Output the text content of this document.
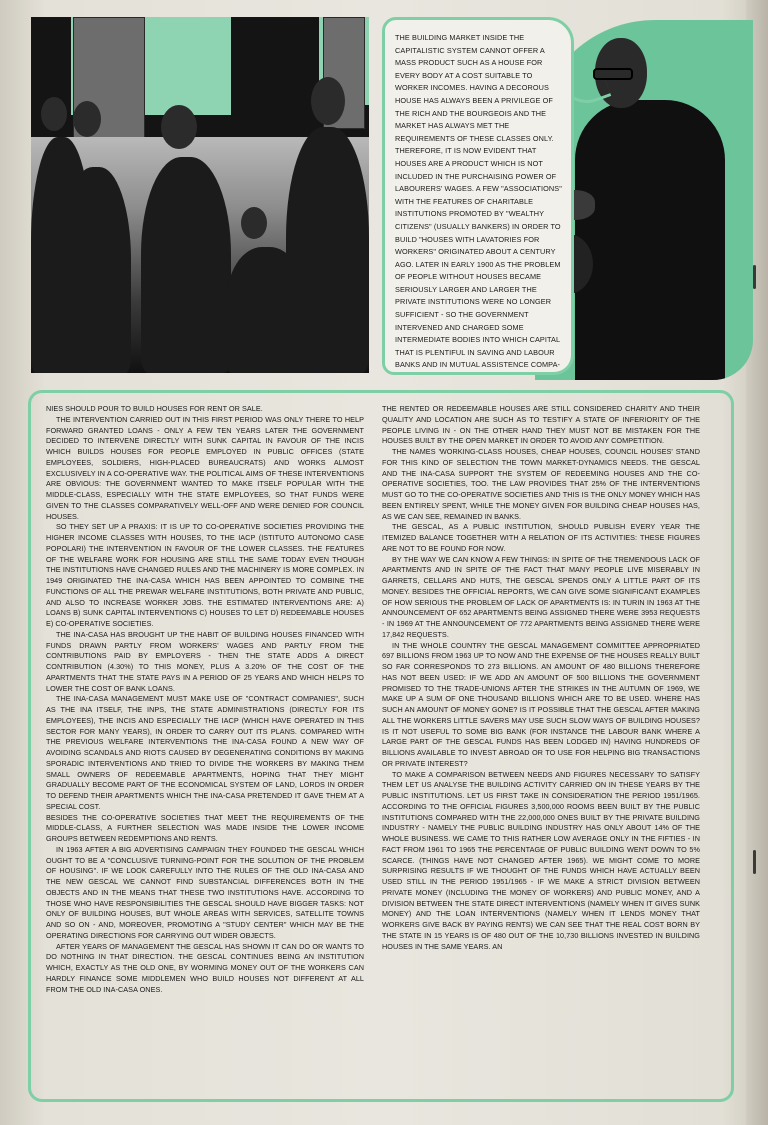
THE BUILDING MARKET INSIDE THE CAPITALISTIC SYSTEM CANNOT OFFER A MASS PRODUCT SUCH AS A HOUSE FOR EVERY BODY AT A COST SUITABLE TO WORKER INCOMES. HAVING A DECOROUS HOUSE HAS ALWAYS BEEN A PRIVILEGE OF THE RICH AND THE BOURGEOIS AND THE MARKET HAS ALWAYS MET THE REQUIREMENTS OF THESE CLASSES ONLY. THEREFORE, IT IS NOW EVIDENT THAT HOUSES ARE A PRODUCT WHICH IS NOT INCLUDED IN THE PURCHAISING POWER OF LABOURERS' WAGES. A FEW "ASSOCIATIONS" WITH THE FEATURES OF CHARITABLE INSTITUTIONS PROMOTED BY "WEALTHY CITIZENS" (USUALLY BANKERS) IN ORDER TO BUILD "HOUSES WITH LAVATORIES FOR WORKERS" ORIGINATED ABOUT A CENTURY AGO. LATER IN EARLY 1900 AS THE PROBLEM OF PEOPLE WITHOUT HOUSES BECAME SERIOUSLY LARGER AND LARGER THE PRIVATE INSTITUTIONS WERE NO LONGER SUFFICIENT - SO THE GOVERNMENT INTERVENED AND CHARGED SOME INTERMEDIATE BODIES INTO WHICH CAPITAL THAT IS PLENTIFUL IN SAVING AND LABOUR BANKS AND IN MUTUAL ASSISTENCE COMPA-

NIES SHOULD POUR TO BUILD HOUSES FOR RENT OR SALE.

THE INTERVENTION CARRIED OUT IN THIS FIRST PERIOD WAS ONLY THERE TO HELP FORWARD GRANTED LOANS - ONLY A FEW TEN YEARS LATER THE GOVERNMENT DECIDED TO INTERVENE DIRECTLY WITH SUNK CAPITAL IN FAVOUR OF THE INCIS WHICH BUILDS HOUSES FOR PEOPLE EMPLOYED IN PUBLIC OFFICES (STATE EMPLOYEES, SOLDIERS, HIGH-PLACED BUREAUCRATS) AND WORKS ALMOST EXCLUSIVELY IN A CO-OPERATIVE WAY. THE POLITICAL AIMS OF THESE INTERVENTIONS ARE OBVIOUS: THE GOVERNMENT WANTED TO MAKE ITSELF POPULAR WITH THE MIDDLE-CLASS, ESPECIALLY WITH THE STATE EMPLOYEES, SO THAT FUNDS WERE GIVEN TO THE CLASSES COMPARATIVELY WELL-OFF AND WERE DENIED FOR COUNCIL HOUSES.

SO THEY SET UP A PRAXIS: IT IS UP TO CO-OPERATIVE SOCIETIES PROVIDING THE HIGHER INCOME CLASSES WITH HOUSES, TO THE IACP (ISTITUTO AUTONOMO CASE POPOLARI) THE INTERVENTION IN FAVOUR OF THE LOWER CLASSES. THE FEATURES OF THE WELFARE WORK FOR HOUSING ARE STILL THE SAME TODAY EVEN THOUGH THE INSTITUTIONS HAVE CHANGED RULES AND THE MACHINERY IS MORE COMPLEX. IN 1949 ORIGINATED THE INA-CASA WHICH HAS BEEN APPOINTED TO COMBINE THE FUNCTIONS OF ALL THE PREWAR WELFARE INSTITUTIONS, BOTH PRIVATE AND PUBLIC, AND ALSO TO INCREASE WORKER JOBS. THE ESTIMATED INTERVENTIONS ARE: A) LOANS B) SUNK CAPITAL INTERVENTIONS C) HOUSES TO LET D) REDEEMABLE HOUSES E) CO-OPERATIVE SOCIETIES.

THE INA-CASA HAS BROUGHT UP THE HABIT OF BUILDING HOUSES FINANCED WITH FUNDS DRAWN PARTLY FROM WORKERS' WAGES AND PARTLY FROM THE CONTRIBUTIONS PAID BY EMPLOYERS - THEN THE STATE ADDS A DIRECT CONTRIBUTION (4.30%) TO THIS MONEY, PLUS A 3.20% OF THE COST OF THE APARTMENTS THAT THE STATE PAYS IN A PERIOD OF 25 YEARS AND WHICH HELPS TO LOWER THE COST OF BANK LOANS.

THE INA-CASA MANAGEMENT MUST MAKE USE OF "CONTRACT COMPANIES", SUCH AS THE INA ITSELF, THE INPS, THE STATE ADMINISTRATIONS (DIRECTLY FOR ITS EMPLOYEES), THE INCIS AND ESPECIALLY THE IACP (WHICH HAVE OPERATED IN THIS SECTOR FOR MANY YEARS), IN ORDER TO CARRY OUT ITS PLANS. COMPARED WITH THE PREVIOUS WELFARE INTERVENTIONS THE INA-CASA FOUND A NEW WAY OF AVOIDING SCANDALS AND RIOTS CAUSED BY DEGENERATING CONDITIONS BY MAKING SPORADIC INTERVENTIONS AND TRIED TO DIVIDE THE WORKERS BY MAKING THEM SMALL OWNERS OF REDEEMABLE APARTMENTS, HOPING THAT THEY MIGHT GRADUALLY BECOME PART OF THE ECONOMICAL SYSTEM OF LAND, LORDS IN ORDER TO DEFEND THEIR APARTMENTS WHICH THE INA-CASA PRETENDED IT GAVE THEM AT A SPECIAL COST.

BESIDES THE CO-OPERATIVE SOCIETIES THAT MEET THE REQUIREMENTS OF THE MIDDLE-CLASS, A FURTHER SELECTION WAS MADE INSIDE THE LOWER INCOME GROUPS BETWEEN REDEMPTIONS AND RENTS.

IN 1963 AFTER A BIG ADVERTISING CAMPAIGN THEY FOUNDED THE GESCAL WHICH OUGHT TO BE A "CONCLUSIVE TURNING-POINT FOR THE SOLUTION OF THE PROBLEM OF HOUSING". IF WE LOOK CAREFULLY INTO THE RULES OF THE OLD INA-CASA AND THE NEW GESCAL WE CANNOT FIND SUBSTANCIAL DIFFERENCES BOTH IN THE OBJECTS AND IN THE MEANS THAT THESE TWO INSTITUTIONS HAVE. ACCORDING TO THOSE WHO HAVE RESPONSIBILITIES THE GESCAL SHOULD HAVE BIGGER TASKS: NOT ONLY OF BUILDING HOUSES, BUT WHOLE AREAS WITH SERVICES, SATELLITE TOWNS AND SO ON - AND, MOREOVER, PROMOTING A "STUDY CENTER" WHICH MAY BE THE OPERATING DIRECTIONS FOR CARRYING OUT WIDER OBJECTS.

AFTER YEARS OF MANAGEMENT THE GESCAL HAS SHOWN IT CAN DO OR WANTS TO DO NOTHING IN THAT DIRECTION. THE GESCAL CONTINUES BEING AN INSTITUTION WHICH, EXACTLY AS THE OLD ONE, BY WORMING MONEY OUT OF THE WORKERS CAN HARDLY FINANCE SOME MIDDLEMEN WHO BUILD HOUSES NOT DIFFERENT AT ALL FROM THE OLD INA-CASA ONES.

THE RENTED OR REDEEMABLE HOUSES ARE STILL CONSIDERED CHARITY AND THEIR QUALITY AND LOCATION ARE SUCH AS TO TESTIFY A STATE OF INFERIORITY OF THE PEOPLE LIVING IN - ON THE OTHER HAND THEY MUST NOT BE MISTAKEN FOR THE HOUSES BUILT BY THE OPEN MARKET IN ORDER TO AVOID ANY COMPETITION.

THE NAMES 'WORKING-CLASS HOUSES, CHEAP HOUSES, COUNCIL HOUSES' STAND FOR THIS KIND OF SELECTION THE TOWN MARKET-DYNAMICS NEEDS. THE GESCAL AND THE INA-CASA SUPPORT THE SYSTEM OF REDEEMING HOUSES AND THE CO-OPERATIVE SOCIETIES, TOO. THE LAW PROVIDES THAT 25% OF THE INTERVENTIONS MUST GO TO THE CO-OPERATIVE SOCIETIES AND THIS IS THE ONLY MONEY WHICH HAS BEEN ENTIRELY SPENT, WHILE THE MONEY GIVEN FOR BUILDING CHEAP HOUSES HAS, AS WE CAN SEE, REMAINED IN BANKS.

THE GESCAL, AS A PUBLIC INSTITUTION, SHOULD PUBLISH EVERY YEAR THE ITEMIZED BALANCE TOGETHER WITH A RELATION OF ITS ACTIVITIES: THESE FIGURES ARE NOT TO BE FOUND FOR NOW.

BY THE WAY WE CAN KNOW A FEW THINGS: IN SPITE OF THE TREMENDOUS LACK OF APARTMENTS AND IN SPITE OF THE FACT THAT MANY PEOPLE LIVE MISERABLY IN GARRETS, CELLARS AND HUTS, THE GESCAL SPENDS ONLY A LITTLE PART OF ITS MONEY. BESIDES THE OFFICIAL REPORTS, WE CAN GIVE SOME SIGNIFICANT EXAMPLES OF HOW SERIOUS THE PROBLEM OF LACK OF APARTMENTS IS: IN TURIN IN 1963 AT THE ANNOUNCEMENT OF 652 APARTMENTS BEING ASSIGNED THERE WERE 3953 REQUESTS - IN 1969 AT THE ANNOUNCEMENT OF 772 APARTMENTS BEING ASSIGNED THERE WERE 17,842 REQUESTS.

IN THE WHOLE COUNTRY THE GESCAL MANAGEMENT COMMITTEE APPROPRIATED 697 BILLIONS FROM 1963 UP TO NOW AND THE EXPENSE OF THE HOUSES REALLY BUILT SO FAR CORRESPONDS TO 273 BILLIONS. AN AMOUNT OF 480 BILLIONS THEREFORE HAS NOT BEEN USED: IF WE ADD AN AMOUNT OF 500 BILLIONS THE GOVERNMENT PROMISED TO THE TRADE-UNIONS AFTER THE STRIKES IN THE AUTUMN OF 1969, WE MAKE UP A SUM OF ONE THOUSAND BILLIONS WHICH ARE TO BE USED. WHERE HAS SUCH AN AMOUNT OF MONEY GONE? IS IT POSSIBLE THAT THE GESCAL AFTER MAKING ALL THE WORKERS LITTLE SAVERS MAY USE SUCH SLOW WAYS OF BUILDING HOUSES? IS IT NOT USEFUL TO SOME BIG BANK (FOR INSTANCE THE LABOUR BANK WHERE A LARGE PART OF THE GESCAL FUNDS HAS BEEN LODGED IN) HAVING HUNDREDS OF BILLIONS AVAILABLE TO INVEST ABROAD OR TO USE FOR HELPING BIG TRANSACTIONS OR PRIVATE INTEREST?

TO MAKE A COMPARISON BETWEEN NEEDS AND FIGURES NECESSARY TO SATISFY THEM LET US ANALYSE THE BUILDING ACTIVITY CARRIED ON IN THESE YEARS BY THE PUBLIC INSTITUTIONS. LET US FIRST TAKE IN CONSIDERATION THE PERIOD 1951/1965. ACCORDING TO THE OFFICIAL FIGURES 3,500,000 ROOMS BEEN BUILT BY THE PUBLIC INSTITUTIONS COMPARED WITH THE 22,000,000 ONES BUILT BY THE PRIVATE BUILDING INDUSTRY - NAMELY THE PUBLIC BUILDING INDUSTRY HAS ONLY ABOUT 14% OF THE WHOLE BUSINESS. WE CAME TO THIS RATHER LOW AVERAGE ONLY IN THE FIFTIES - IN FACT FROM 1961 TO 1965 THE PERCENTAGE OF PUBLIC BUILDING WENT DOWN TO 5% SCARCE. (THINGS HAVE NOT CHANGED AFTER 1965). WE MIGHT COME TO MORE SURPRISING RESULTS IF WE THOUGHT OF THE FUNDS WHICH HAVE ACTUALLY BEEN USED STILL IN THE PERIOD 1951/1965 - IF WE MAKE A STRICT DIVISION BETWEEN PRIVATE MONEY (INCLUDING THE MONEY OF WORKERS) AND PUBLIC MONEY, AND A DIVISION BETWEEN THE STATE DIRECT INTERVENTIONS (NAMELY WHEN IT GIVES SUNK MONEY) AND THE LOAN INTERVENTIONS (NAMELY WHEN IT LENDS MONEY THAT WORKERS GIVE BACK BY PAYING RENTS) WE CAN SEE THAT THE REAL COST BORN BY THE STATE IN 15 YEARS IS OF 480 OUT OF THE 10,730 BILLIONS INVESTED IN BUILDING HOUSES IN THE SAME YEARS. AN
